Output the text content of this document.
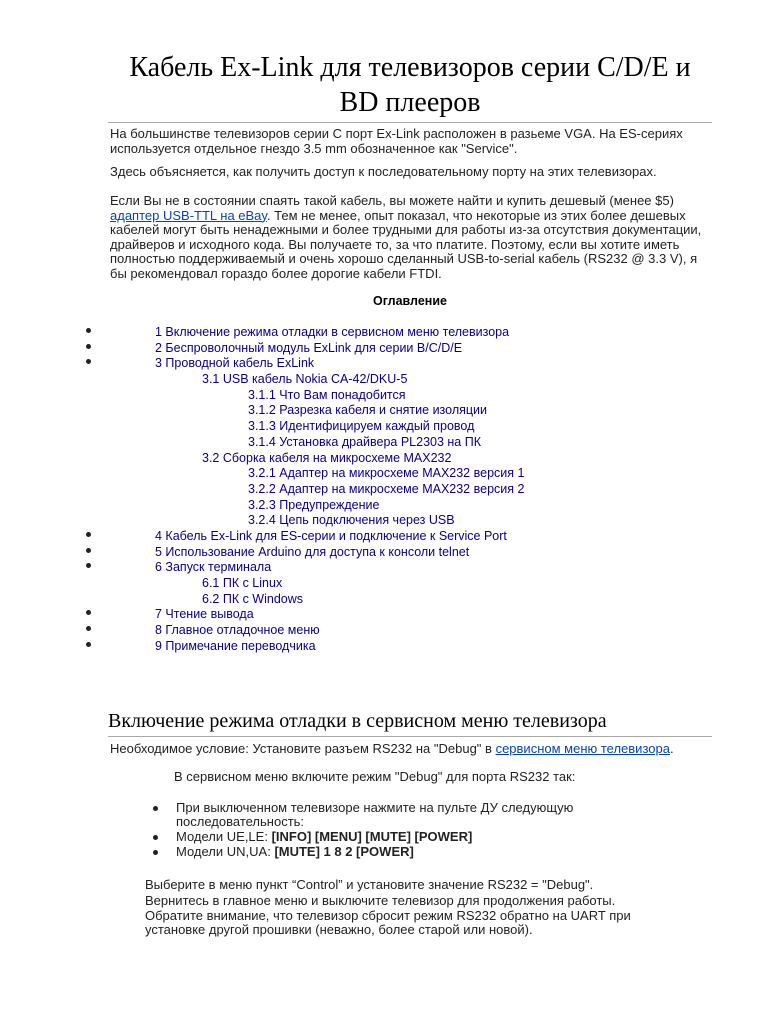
Кабель Ex-Link для телевизоров серии C/D/E и BD плееров

На большинстве телевизоров серии С порт Ex-Link расположен в разьеме VGA. На ES-сериях используется отдельное гнездо 3.5 mm обозначенное как "Service".

Здесь объясняется, как получить доступ к последовательному порту на этих телевизорах.

Если Вы не в состоянии спаять такой кабель, вы можете найти и купить дешевый (менее $5) адаптер USB-TTL на eBay. Тем не менее, опыт показал, что некоторые из этих более дешевых кабелей могут быть ненадежными и более трудными для работы из-за отсутствия документации, драйверов и исходного кода. Вы получаете то, за что платите. Поэтому, если вы хотите иметь полностью поддерживаемый и очень хорошо сделанный USB-to-serial кабель (RS232 @ 3.3 V), я бы рекомендовал гораздо более дорогие кабели FTDI.

Оглавление
1 Включение режима отладки в сервисном меню телевизора
2 Беспроволочный модуль ExLink для серии B/C/D/E
3 Проводной кабель ExLink
3.1 USB кабель Nokia CA-42/DKU-5
3.1.1 Что Вам понадобится
3.1.2 Разрезка кабеля и снятие изоляции
3.1.3 Идентифицируем каждый провод
3.1.4 Установка драйвера PL2303 на ПК
3.2 Сборка кабеля на микросхеме MAX232
3.2.1 Адаптер на микросхеме MAX232 версия 1
3.2.2 Адаптер на микросхеме MAX232 версия 2
3.2.3 Предупреждение
3.2.4 Цепь подключения через USB
4 Кабель Ex-Link для ES-серии и подключение к Service Port
5 Использование Arduino для доступа к консоли telnet
6 Запуск терминала
6.1 ПК с Linux
6.2 ПК с Windows
7 Чтение вывода
8 Главное отладочное меню
9 Примечание переводчика
Включение режима отладки в сервисном меню телевизора

Необходимое условие: Установите разъем RS232 на "Debug" в сервисном меню телевизора.

В сервисном меню включите режим "Debug" для порта RS232 так:

При выключенном телевизоре нажмите на пульте ДУ следующую последовательность:
Модели UE,LE: [INFO] [MENU] [MUTE] [POWER]
Модели UN,UA: [MUTE] 1 8 2 [POWER]

Выберите в меню пункт “Control” и установите значение RS232 = "Debug".

Вернитесь в главное меню и выключите телевизор для продолжения работы. Обратите внимание, что телевизор сбросит режим RS232 обратно на UART при установке другой прошивки (неважно, более старой или новой).
